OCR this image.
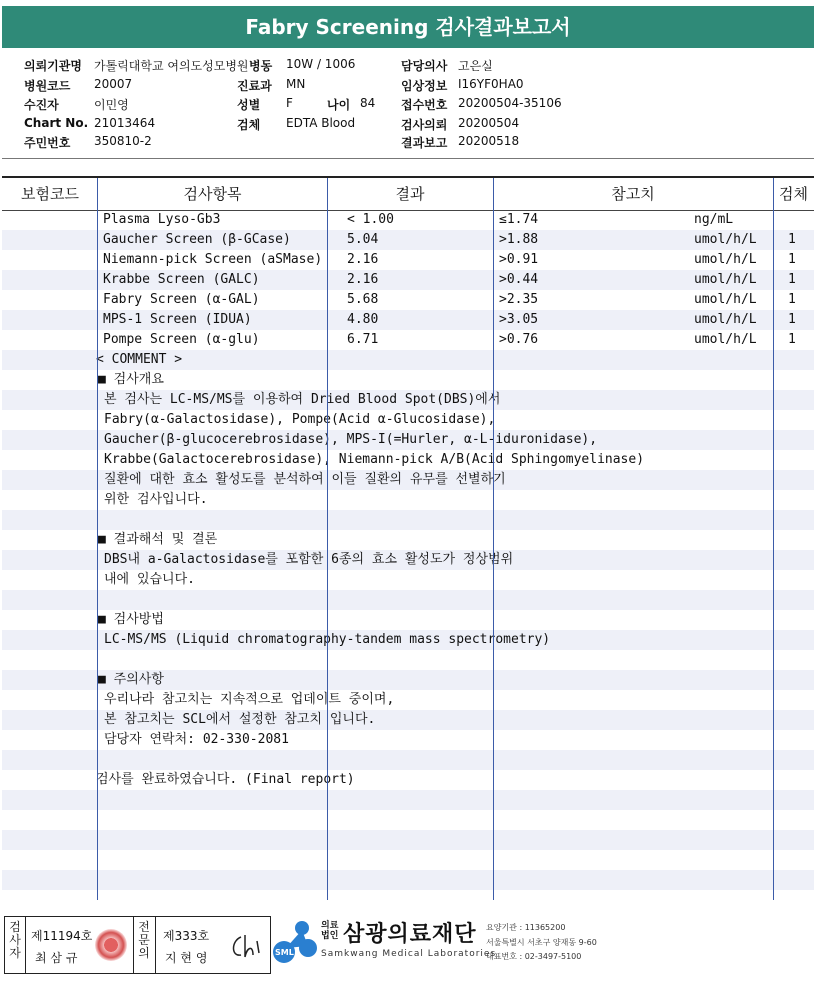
Fabry Screening 검사결과보고서
의뢰기관명 가톨릭대학교 여의도성모병원 병동 10W / 1006	담당의사 고은실
병원코드 20007	진료과 MN	임상정보 I16YF0HA0
수진자	이민영	성별 F	나이 84 접수번호 20200504-35106
Chart No. 21013464	검체 EDTA Blood	검사의뢰 20200504
주민번호 350810-2	결과보고 20200518
보험코드	검사항목	결과	참고치	검체
Plasma Lyso-Gb3	< 1.00	≤1.74	ng/mL
Gaucher Screen (β-GCase)	5.04	>1.88	umol/h/L 1
Niemann-pick Screen (aSMase) 2.16	>0.91	umol/h/L 1
Krabbe Screen (GALC)	2.16	>0.44	umol/h/L 1
Fabry Screen (α-GAL)	5.68	>2.35	umol/h/L 1
MPS-1 Screen (IDUA)	4.80	>3.05	umol/h/L 1
Pompe Screen (α-glu)	6.71	>0.76	umol/h/L 1
< COMMENT >
■ 검사개요
본 검사는 LC-MS/MS를 이용하여 Dried Blood Spot(DBS)에서
Fabry(α-Galactosidase), Pompe(Acid α-Glucosidase),
Gaucher(β-glucocerebrosidase), MPS-I(=Hurler, α-L-iduronidase),
Krabbe(Galactocerebrosidase), Niemann-pick A/B(Acid Sphingomyelinase)
질환에 대한 효소 활성도를 분석하여 이들 질환의 유무를 선별하기
위한 검사입니다.
■ 결과해석 및 결론
DBS내 a-Galactosidase를 포함한 6종의 효소 활성도가 정상범위
내에 있습니다.
■ 검사방법
LC-MS/MS (Liquid chromatography-tandem mass spectrometry)
■ 주의사항
우리나라 참고치는 지속적으로 업데이트 중이며,
본 참고치는 SCL에서 설정한 참고치 입니다.
담당자 연락처: 02-330-2081
검사를 완료하였습니다. (Final report)
검사자
제11194호
최 삼 규
전문의
제333호
지 현 영	SML
의료법인 삼광의료재단
Samkwang Medical Laboratories
요양기관 : 11365200
서울특별시 서초구 양재동 9-60
대표번호 : 02-3497-5100
